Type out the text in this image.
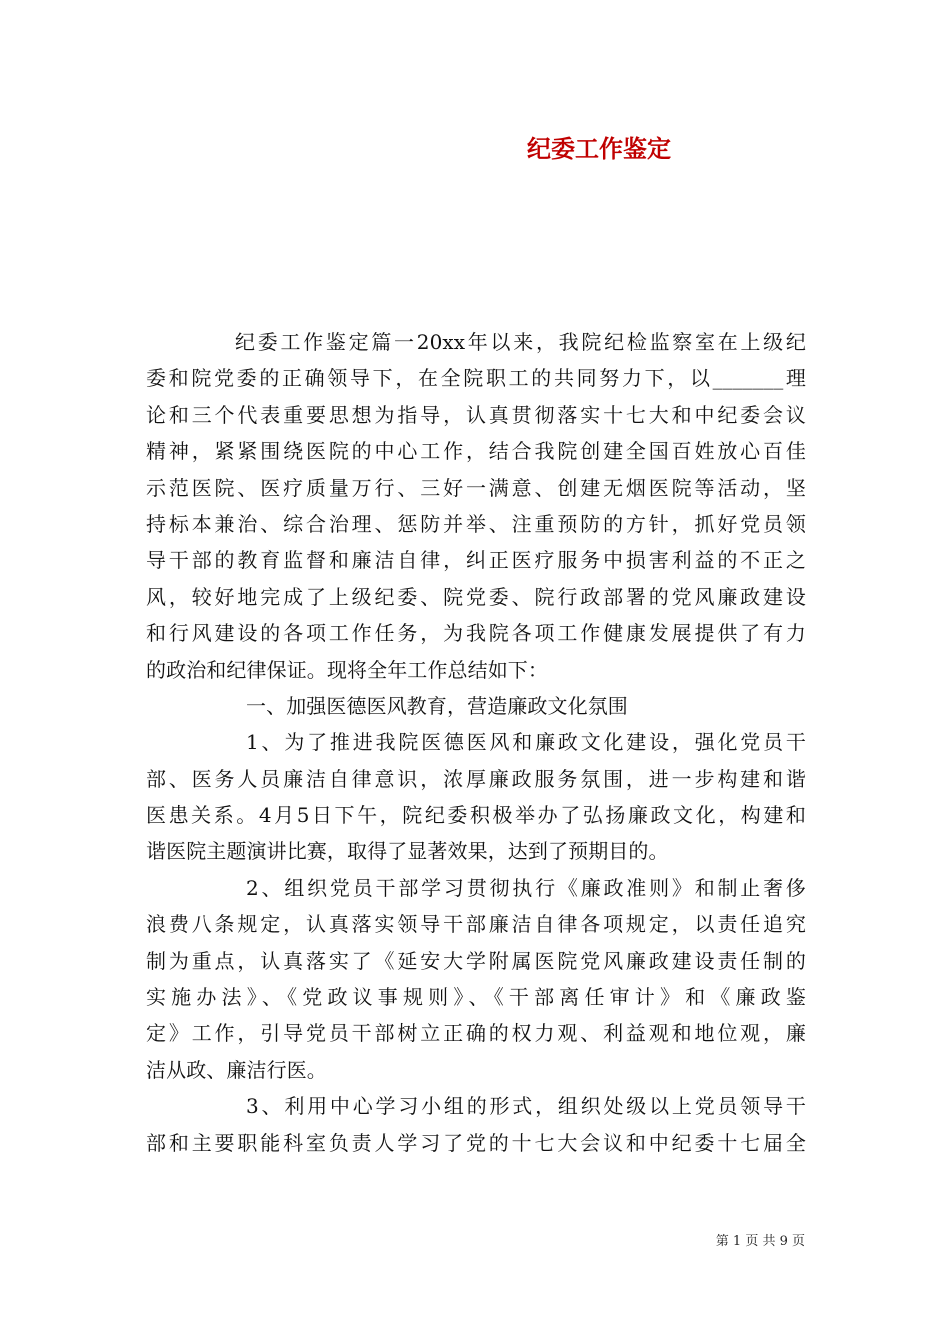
纪委工作鉴定
纪委工作鉴定篇一20xx年以来，我院纪检监察室在上级纪
委和院党委的正确领导下，在全院职工的共同努力下，以_______理
论和三个代表重要思想为指导，认真贯彻落实十七大和中纪委会议
精神，紧紧围绕医院的中心工作，结合我院创建全国百姓放心百佳
示范医院、医疗质量万行、三好一满意、创建无烟医院等活动，坚
持标本兼治、综合治理、惩防并举、注重预防的方针，抓好党员领
导干部的教育监督和廉洁自律，纠正医疗服务中损害利益的不正之
风，较好地完成了上级纪委、院党委、院行政部署的党风廉政建设
和行风建设的各项工作任务，为我院各项工作健康发展提供了有力
的政治和纪律保证。现将全年工作总结如下：
一、加强医德医风教育，营造廉政文化氛围
1、为了推进我院医德医风和廉政文化建设，强化党员干
部、医务人员廉洁自律意识，浓厚廉政服务氛围，进一步构建和谐
医患关系。4月5日下午，院纪委积极举办了弘扬廉政文化，构建和
谐医院主题演讲比赛，取得了显著效果，达到了预期目的。
2、组织党员干部学习贯彻执行《廉政准则》和制止奢侈
浪费八条规定，认真落实领导干部廉洁自律各项规定，以责任追究
制为重点，认真落实了《延安大学附属医院党风廉政建设责任制的
实施办法》、《党政议事规则》、《干部离任审计》和《廉政鉴
定》工作，引导党员干部树立正确的权力观、利益观和地位观，廉
洁从政、廉洁行医。
3、利用中心学习小组的形式，组织处级以上党员领导干
部和主要职能科室负责人学习了党的十七大会议和中纪委十七届全
第 1 页 共 9 页
